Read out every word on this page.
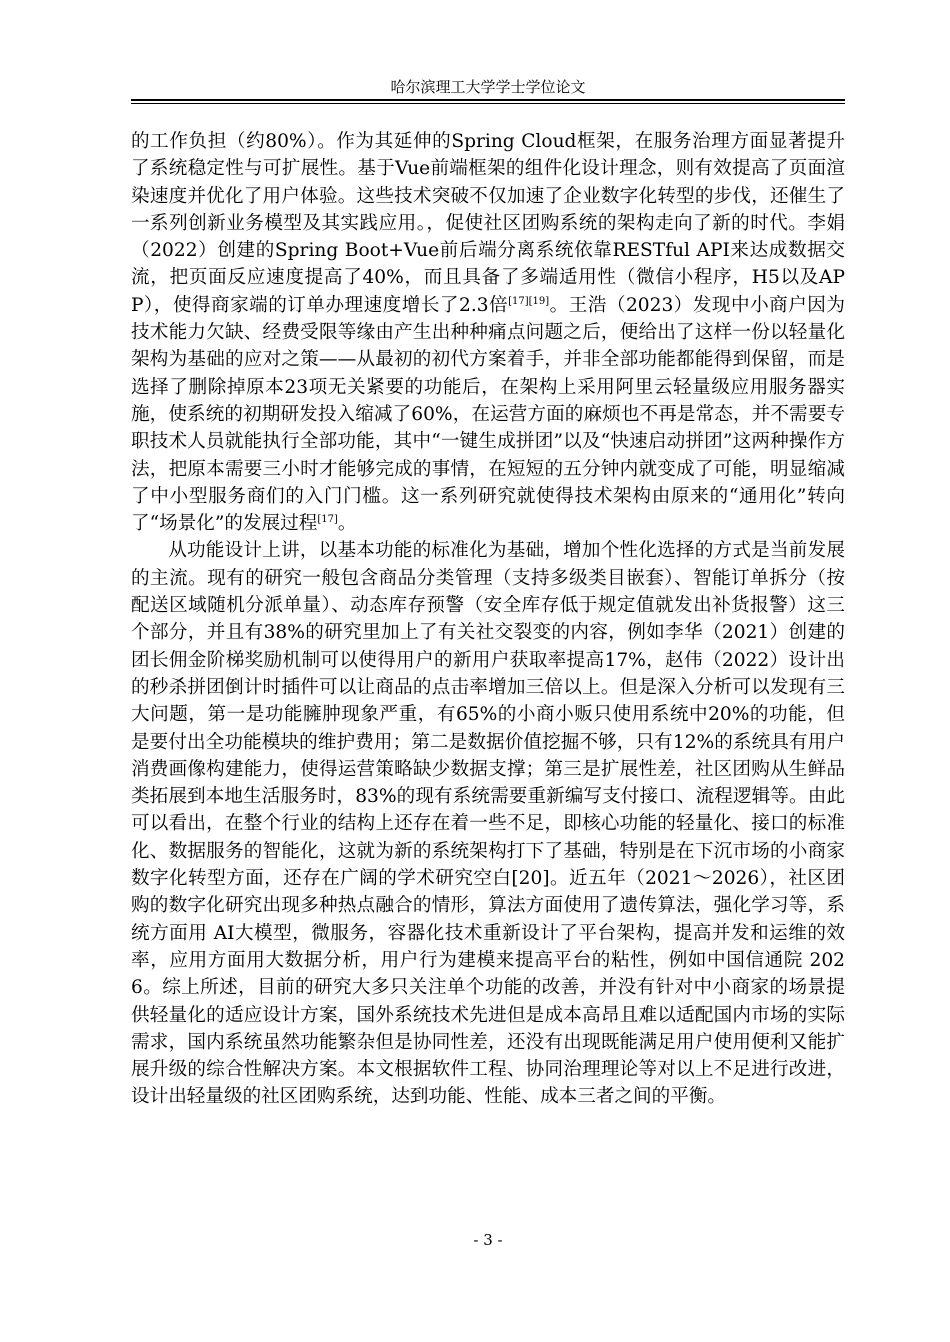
哈尔滨理工大学学士学位论文

的工作负担（约80%）。作为其延伸的Spring Cloud框架，在服务治理方面显著提升了系统稳定性与可扩展性。基于Vue前端框架的组件化设计理念，则有效提高了页面渲染速度并优化了用户体验。这些技术突破不仅加速了企业数字化转型的步伐，还催生了一系列创新业务模型及其实践应用。，促使社区团购系统的架构走向了新的时代。李娟（2022）创建的Spring Boot+Vue前后端分离系统依靠RESTful API来达成数据交流，把页面反应速度提高了40%，而且具备了多端适用性（微信小程序，H5以及APP），使得商家端的订单办理速度增长了2.3倍[17][19]。王浩（2023）发现中小商户因为技术能力欠缺、经费受限等缘由产生出种种痛点问题之后，便给出了这样一份以轻量化架构为基础的应对之策——从最初的初代方案着手，并非全部功能都能得到保留，而是选择了删除掉原本23项无关紧要的功能后，在架构上采用阿里云轻量级应用服务器实施，使系统的初期研发投入缩减了60%，在运营方面的麻烦也不再是常态，并不需要专职技术人员就能执行全部功能，其中“一键生成拼团”以及“快速启动拼团”这两种操作方法，把原本需要三小时才能够完成的事情，在短短的五分钟内就变成了可能，明显缩减了中小型服务商们的入门门槛。这一系列研究就使得技术架构由原来的“通用化”转向了“场景化”的发展过程[17]。

从功能设计上讲，以基本功能的标准化为基础，增加个性化选择的方式是当前发展的主流。现有的研究一般包含商品分类管理（支持多级类目嵌套）、智能订单拆分（按配送区域随机分派单量）、动态库存预警（安全库存低于规定值就发出补货报警）这三个部分，并且有38%的研究里加上了有关社交裂变的内容，例如李华（2021）创建的团长佣金阶梯奖励机制可以使得用户的新用户获取率提高17%，赵伟（2022）设计出的秒杀拼团倒计时插件可以让商品的点击率增加三倍以上。但是深入分析可以发现有三大问题，第一是功能臃肿现象严重，有65%的小商小贩只使用系统中20%的功能，但是要付出全功能模块的维护费用；第二是数据价值挖掘不够，只有12%的系统具有用户消费画像构建能力，使得运营策略缺少数据支撑；第三是扩展性差，社区团购从生鲜品类拓展到本地生活服务时，83%的现有系统需要重新编写支付接口、流程逻辑等。由此可以看出，在整个行业的结构上还存在着一些不足，即核心功能的轻量化、接口的标准化、数据服务的智能化，这就为新的系统架构打下了基础，特别是在下沉市场的小商家数字化转型方面，还存在广阔的学术研究空白[20]。近五年（2021～2026），社区团购的数字化研究出现多种热点融合的情形，算法方面使用了遗传算法，强化学习等，系统方面用 AI大模型，微服务，容器化技术重新设计了平台架构，提高并发和运维的效率，应用方面用大数据分析，用户行为建模来提高平台的粘性，例如中国信通院 2026。综上所述，目前的研究大多只关注单个功能的改善，并没有针对中小商家的场景提供轻量化的适应设计方案，国外系统技术先进但是成本高昂且难以适配国内市场的实际需求，国内系统虽然功能繁杂但是协同性差，还没有出现既能满足用户使用便利又能扩展升级的综合性解决方案。本文根据软件工程、协同治理理论等对以上不足进行改进，设计出轻量级的社区团购系统，达到功能、性能、成本三者之间的平衡。

- 3 -
